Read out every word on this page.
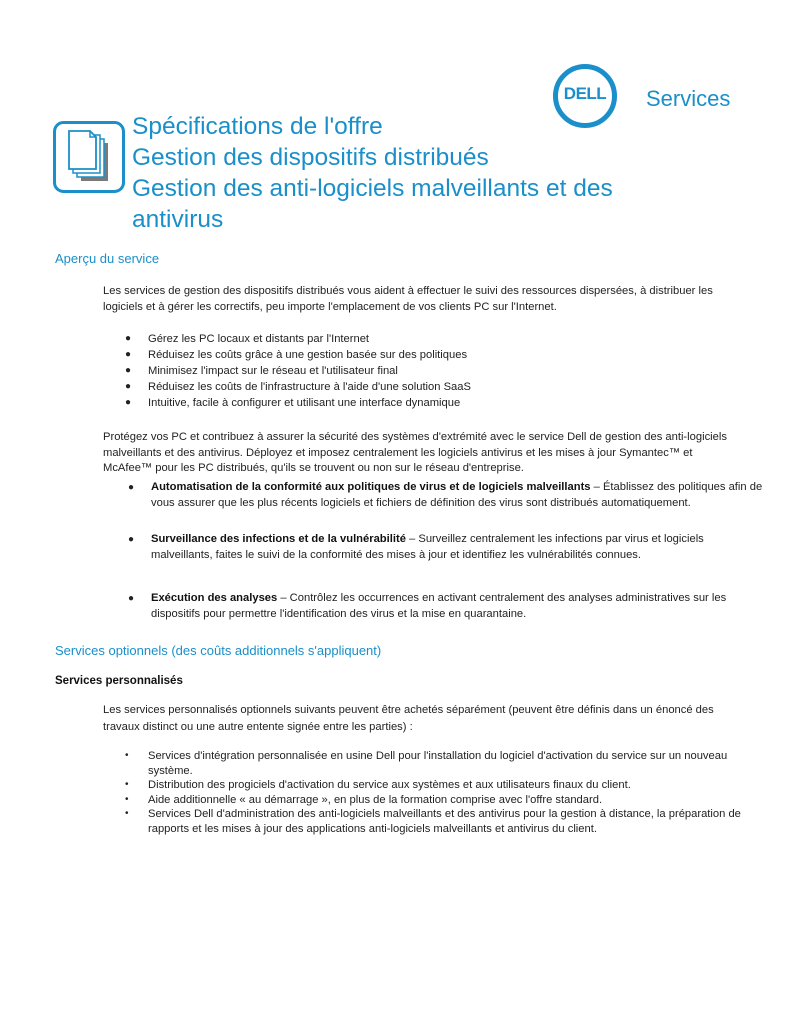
DELL	Services
Spécifications de l'offre
Gestion des dispositifs distribués
Gestion des anti-logiciels malveillants et des
antivirus
Aperçu du service
Les services de gestion des dispositifs distribués vous aident à effectuer le suivi des ressources dispersées, à distribuer les logiciels et à gérer les correctifs, peu importe l'emplacement de vos clients PC sur l'Internet.
● Gérez les PC locaux et distants par l'Internet
● Réduisez les coûts grâce à une gestion basée sur des politiques
● Minimisez l'impact sur le réseau et l'utilisateur final
● Réduisez les coûts de l'infrastructure à l'aide d'une solution SaaS
● Intuitive, facile à configurer et utilisant une interface dynamique
Protégez vos PC et contribuez à assurer la sécurité des systèmes d'extrémité avec le service Dell de gestion des anti-logiciels malveillants et des antivirus. Déployez et imposez centralement les logiciels antivirus et les mises à jour Symantec™ et McAfee™ pour les PC distribués, qu'ils se trouvent ou non sur le réseau d'entreprise.
● Automatisation de la conformité aux politiques de virus et de logiciels malveillants – Établissez des politiques afin de vous assurer que les plus récents logiciels et fichiers de définition des virus sont distribués automatiquement.
● Surveillance des infections et de la vulnérabilité – Surveillez centralement les infections par virus et logiciels malveillants, faites le suivi de la conformité des mises à jour et identifiez les vulnérabilités connues.
● Exécution des analyses – Contrôlez les occurrences en activant centralement des analyses administratives sur les dispositifs pour permettre l'identification des virus et la mise en quarantaine.
Services optionnels (des coûts additionnels s'appliquent)
Services personnalisés
Les services personnalisés optionnels suivants peuvent être achetés séparément (peuvent être définis dans un énoncé des travaux distinct ou une autre entente signée entre les parties) :
• Services d'intégration personnalisée en usine Dell pour l'installation du logiciel d'activation du service sur un nouveau système.
• Distribution des progiciels d'activation du service aux systèmes et aux utilisateurs finaux du client.
• Aide additionnelle « au démarrage », en plus de la formation comprise avec l'offre standard.
• Services Dell d'administration des anti-logiciels malveillants et des antivirus pour la gestion à distance, la préparation de rapports et les mises à jour des applications anti-logiciels malveillants et antivirus du client.
